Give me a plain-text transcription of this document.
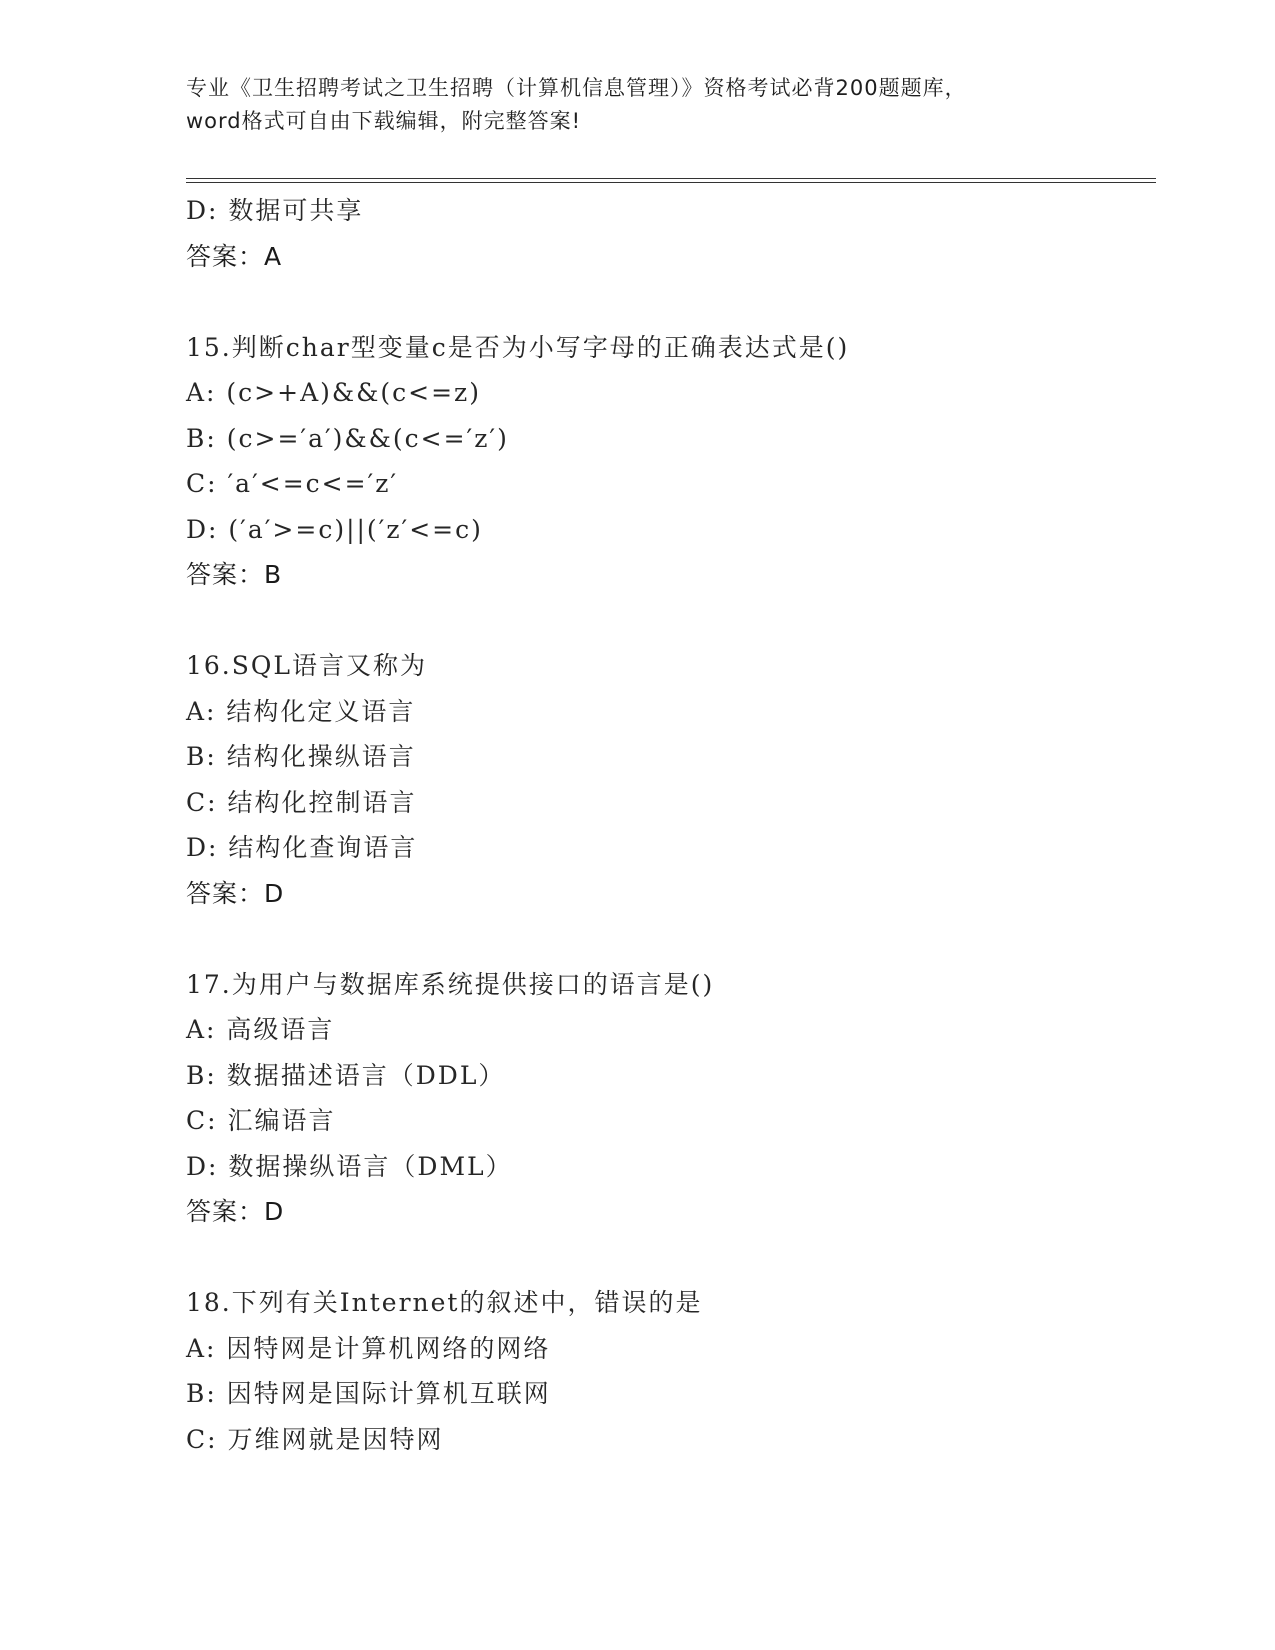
专业《卫生招聘考试之卫生招聘（计算机信息管理）》资格考试必背200题题库，
word格式可自由下载编辑，附完整答案!
D: 数据可共享
答案：A
15.判断char型变量c是否为小写字母的正确表达式是()
A: (c>+A)&&(c<=z)
B: (c>=′a′)&&(c<=′z′)
C: ′a′<=c<=′z′
D: (′a′>=c)||(′z′<=c)
答案：B
16.SQL语言又称为
A: 结构化定义语言
B: 结构化操纵语言
C: 结构化控制语言
D: 结构化查询语言
答案：D
17.为用户与数据库系统提供接口的语言是()
A: 高级语言
B: 数据描述语言（DDL）
C: 汇编语言
D: 数据操纵语言（DML）
答案：D
18.下列有关Internet的叙述中，错误的是
A: 因特网是计算机网络的网络
B: 因特网是国际计算机互联网
C: 万维网就是因特网
